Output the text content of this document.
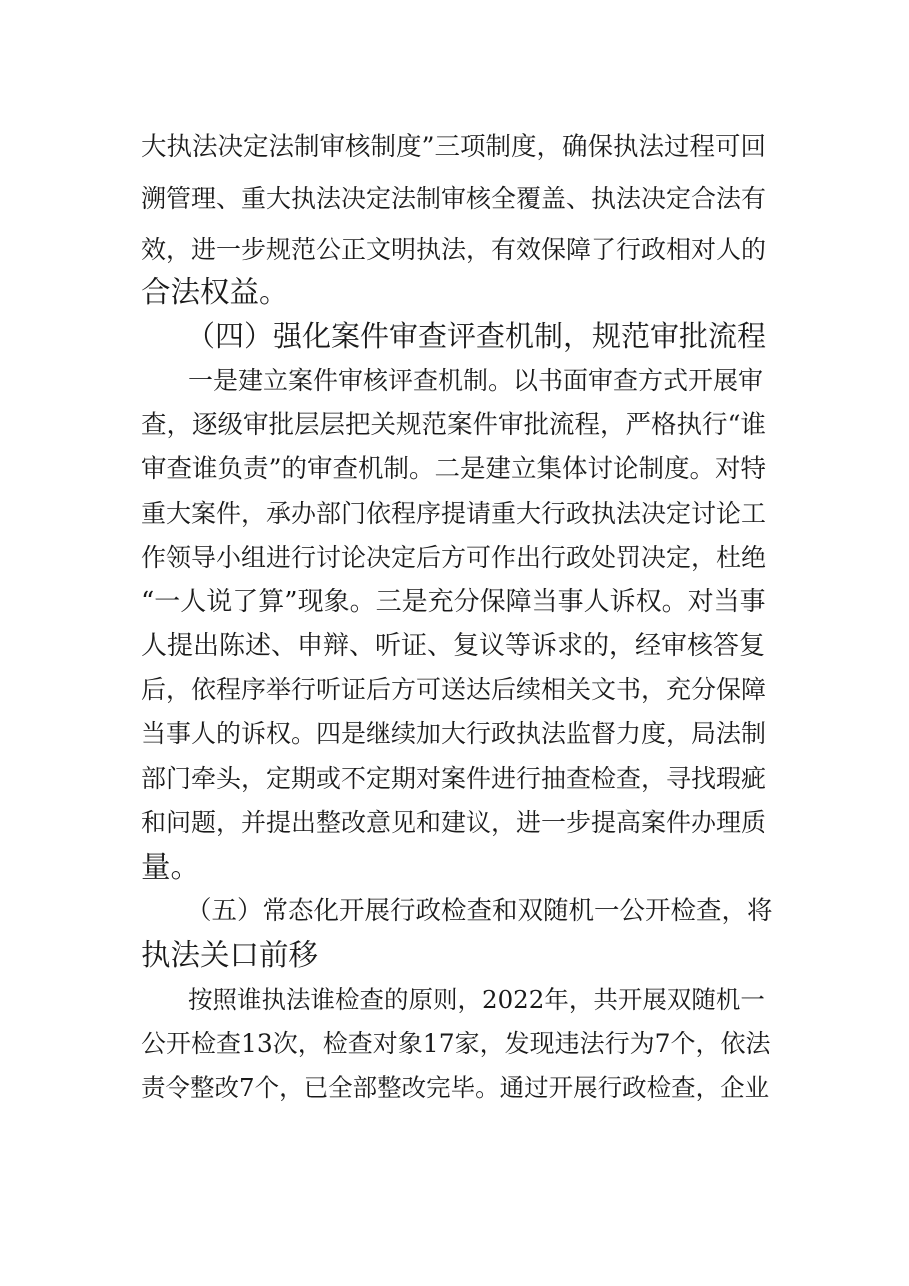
大执法决定法制审核制度”三项制度，确保执法过程可回
溯管理、重大执法决定法制审核全覆盖、执法决定合法有
效，进一步规范公正文明执法，有效保障了行政相对人的
合法权益。
（四）强化案件审查评查机制，规范审批流程
一是建立案件审核评查机制。以书面审查方式开展审
查，逐级审批层层把关规范案件审批流程，严格执行“谁
审查谁负责”的审查机制。二是建立集体讨论制度。对特
重大案件，承办部门依程序提请重大行政执法决定讨论工
作领导小组进行讨论决定后方可作出行政处罚决定，杜绝
“一人说了算”现象。三是充分保障当事人诉权。对当事
人提出陈述、申辩、听证、复议等诉求的，经审核答复
后，依程序举行听证后方可送达后续相关文书，充分保障
当事人的诉权。四是继续加大行政执法监督力度，局法制
部门牵头，定期或不定期对案件进行抽查检查，寻找瑕疵
和问题，并提出整改意见和建议，进一步提高案件办理质
量。
（五）常态化开展行政检查和双随机一公开检查，将
执法关口前移
按照谁执法谁检查的原则，2022年，共开展双随机一
公开检查13次，检查对象17家，发现违法行为7个，依法
责令整改7个，已全部整改完毕。通过开展行政检查，企业
